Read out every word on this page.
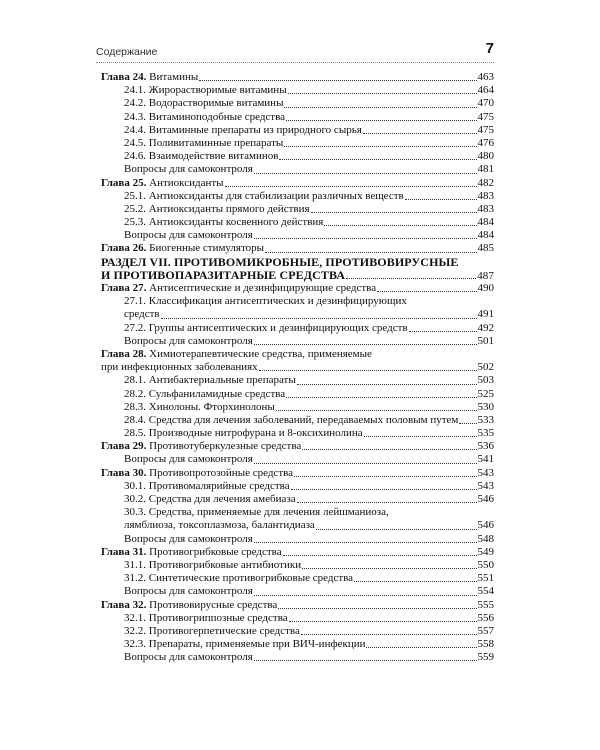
Содержание	7
Глава 24. Витамины	463
24.1. Жирорастворимые витамины	464
24.2. Водорастворимые витамины	470
24.3. Витаминоподобные средства	475
24.4. Витаминные препараты из природного сырья	475
24.5. Поливитаминные препараты	476
24.6. Взаимодействие витаминов	480
Вопросы для самоконтроля	481
Глава 25. Антиоксиданты	482
25.1. Антиоксиданты для стабилизации различных веществ	483
25.2. Антиоксиданты прямого действия	483
25.3. Антиоксиданты косвенного действия	484
Вопросы для самоконтроля	484
Глава 26. Биогенные стимуляторы	485
РАЗДЕЛ VII. ПРОТИВОМИКРОБНЫЕ, ПРОТИВОВИРУСНЫЕ
И ПРОТИВОПАРАЗИТАРНЫЕ СРЕДСТВА	487
Глава 27. Антисептические и дезинфицирующие средства	490
27.1. Классификация антисептических и дезинфицирующих
средств	491
27.2. Группы антисептических и дезинфицирующих средств	492
Вопросы для самоконтроля	501
Глава 28. Химиотерапевтические средства, применяемые
при инфекционных заболеваниях	502
28.1. Антибактериальные препараты	503
28.2. Сульфаниламидные средства	525
28.3. Хинолоны. Фторхинолоны	530
28.4. Средства для лечения заболеваний, передаваемых половым путем 533
28.5. Производные нитрофурана и 8-оксихинолина	535
Глава 29. Противотуберкулезные средства	536
Вопросы для самоконтроля	541
Глава 30. Противопротозойные средства	543
30.1. Противомалярийные средства	543
30.2. Средства для лечения амебиаза	546
30.3. Средства, применяемые для лечения лейшманиоза,
лямблиоза, токсоплазмоза, балантидиаза	546
Вопросы для самоконтроля	548
Глава 31. Противогрибковые средства	549
31.1. Противогрибковые антибиотики	550
31.2. Синтетические противогрибковые средства	551
Вопросы для самоконтроля	554
Глава 32. Противовирусные средства	555
32.1. Противогриппозные средства	556
32.2. Противогерпетические средства	557
32.3. Препараты, применяемые при ВИЧ-инфекции	558
Вопросы для самоконтроля	559
